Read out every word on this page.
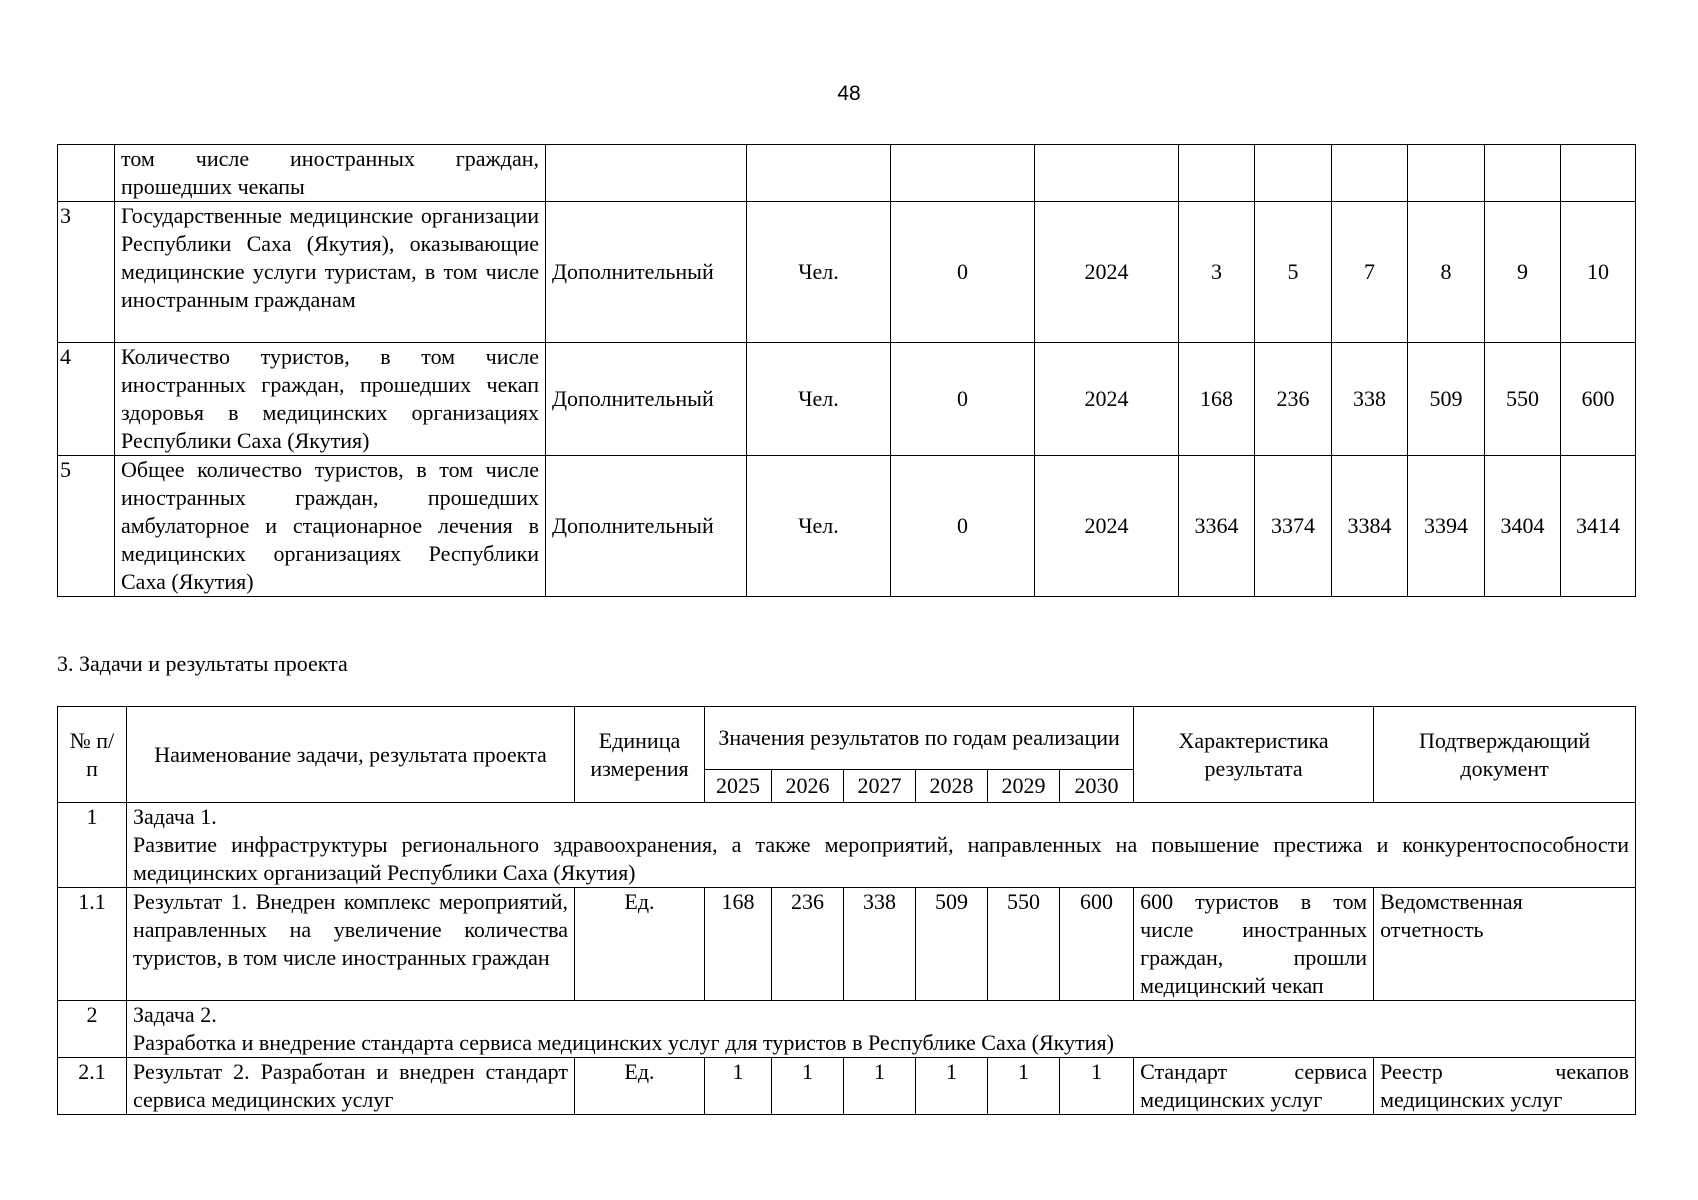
48
	том числе иностранных граждан, прошедших чекапы										
3	Государственные медицинские организации Республики Саха (Якутия), оказывающие медицинские услуги туристам, в том числе иностранным гражданам	Дополнительный	Чел.	0	2024	3	5	7	8	9	10
4	Количество туристов, в том числе иностранных граждан, прошедших чекап здоровья в медицинских организациях Республики Саха (Якутия)	Дополнительный	Чел.	0	2024	168	236	338	509	550	600
5	Общее количество туристов, в том числе иностранных граждан, прошедших амбулаторное и стационарное лечения в медицинских организациях Республики Саха (Якутия)	Дополнительный	Чел.	0	2024	3364	3374	3384	3394	3404	3414
3. Задачи и результаты проекта
№ п/п	Наименование задачи, результата проекта	Единица измерения	Значения результатов по годам реализации						Характеристика результата	Подтверждающий документ
			2025	2026	2027	2028	2029	2030		
1	Задача 1.
Развитие инфраструктуры регионального здравоохранения, а также мероприятий, направленных на повышение престижа и конкурентоспособности медицинских организаций Республики Саха (Якутия)									
1.1	Результат 1. Внедрен комплекс мероприятий, направленных на увеличение количества туристов, в том числе иностранных граждан	Ед.	168	236	338	509	550	600	600 туристов в том числе иностранных граждан, прошли медицинский чекап	Ведомственная отчетность
2	Задача 2.
Разработка и внедрение стандарта сервиса медицинских услуг для туристов в Республике Саха (Якутия)									
2.1	Результат 2. Разработан и внедрен стандарт сервиса медицинских услуг	Ед.	1	1	1	1	1	1	Стандарт сервиса медицинских услуг	Реестр чекапов медицинских услуг
